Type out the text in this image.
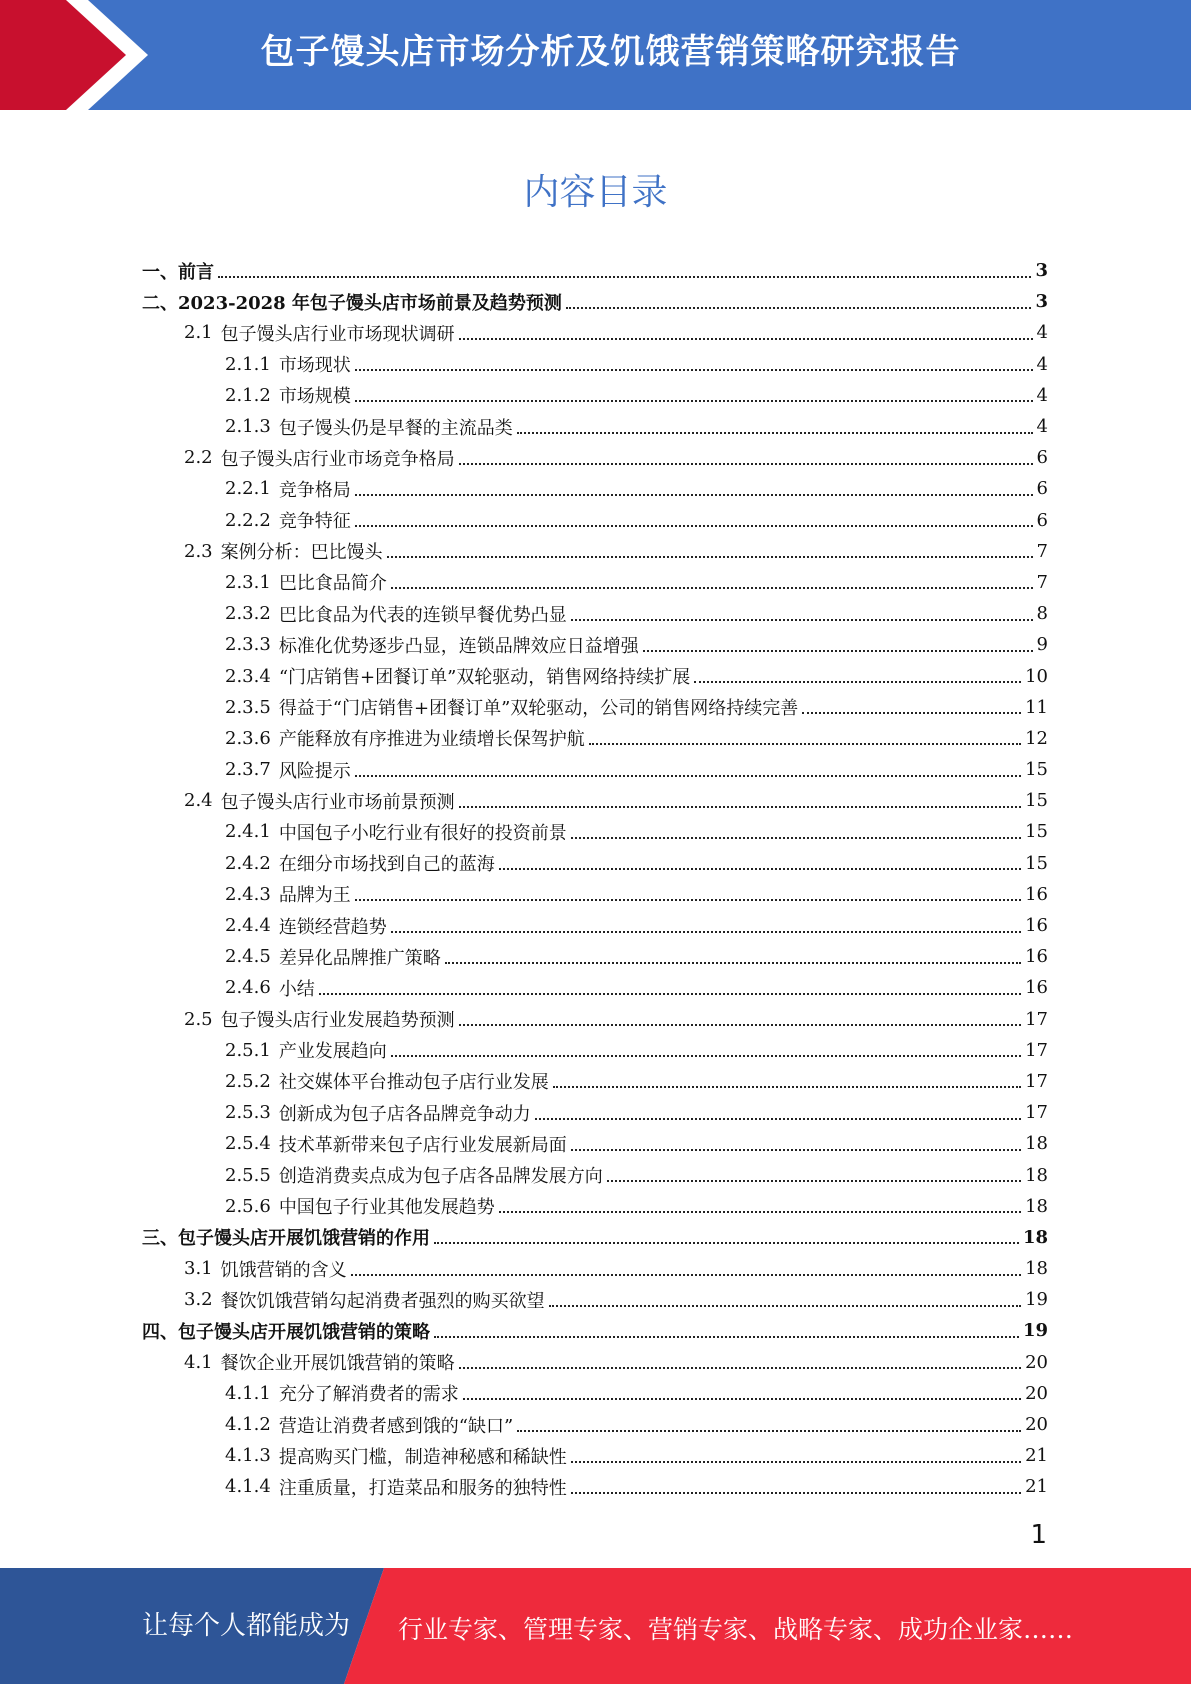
包子馒头店市场分析及饥饿营销策略研究报告
内容目录
一、 前言	3
二、 2023-2028 年包子馒头店市场前景及趋势预测	3
2.1 包子馒头店行业市场现状调研	4
2.1.1 市场现状	4
2.1.2 市场规模	4
2.1.3 包子馒头仍是早餐的主流品类	4
2.2 包子馒头店行业市场竞争格局	6
2.2.1 竞争格局	6
2.2.2 竞争特征	6
2.3 案例分析：巴比馒头	7
2.3.1 巴比食品简介	7
2.3.2 巴比食品为代表的连锁早餐优势凸显	8
2.3.3 标准化优势逐步凸显，连锁品牌效应日益增强	9
2.3.4 “门店销售+团餐订单”双轮驱动，销售网络持续扩展	10
2.3.5 得益于“门店销售+团餐订单”双轮驱动，公司的销售网络持续完善	11
2.3.6 产能释放有序推进为业绩增长保驾护航	12
2.3.7 风险提示	15
2.4 包子馒头店行业市场前景预测	15
2.4.1 中国包子小吃行业有很好的投资前景	15
2.4.2 在细分市场找到自己的蓝海	15
2.4.3 品牌为王	16
2.4.4 连锁经营趋势	16
2.4.5 差异化品牌推广策略	16
2.4.6 小结	16
2.5 包子馒头店行业发展趋势预测	17
2.5.1 产业发展趋向	17
2.5.2 社交媒体平台推动包子店行业发展	17
2.5.3 创新成为包子店各品牌竞争动力	17
2.5.4 技术革新带来包子店行业发展新局面	18
2.5.5 创造消费卖点成为包子店各品牌发展方向	18
2.5.6 中国包子行业其他发展趋势	18
三、 包子馒头店开展饥饿营销的作用	18
3.1 饥饿营销的含义	18
3.2 餐饮饥饿营销勾起消费者强烈的购买欲望	19
四、 包子馒头店开展饥饿营销的策略	19
4.1 餐饮企业开展饥饿营销的策略	20
4.1.1 充分了解消费者的需求	20
4.1.2 营造让消费者感到饿的“缺口”	20
4.1.3 提高购买门槛，制造神秘感和稀缺性	21
4.1.4 注重质量，打造菜品和服务的独特性	21
1
让每个人都能成为 行业专家、管理专家、营销专家、战略专家、成功企业家……
